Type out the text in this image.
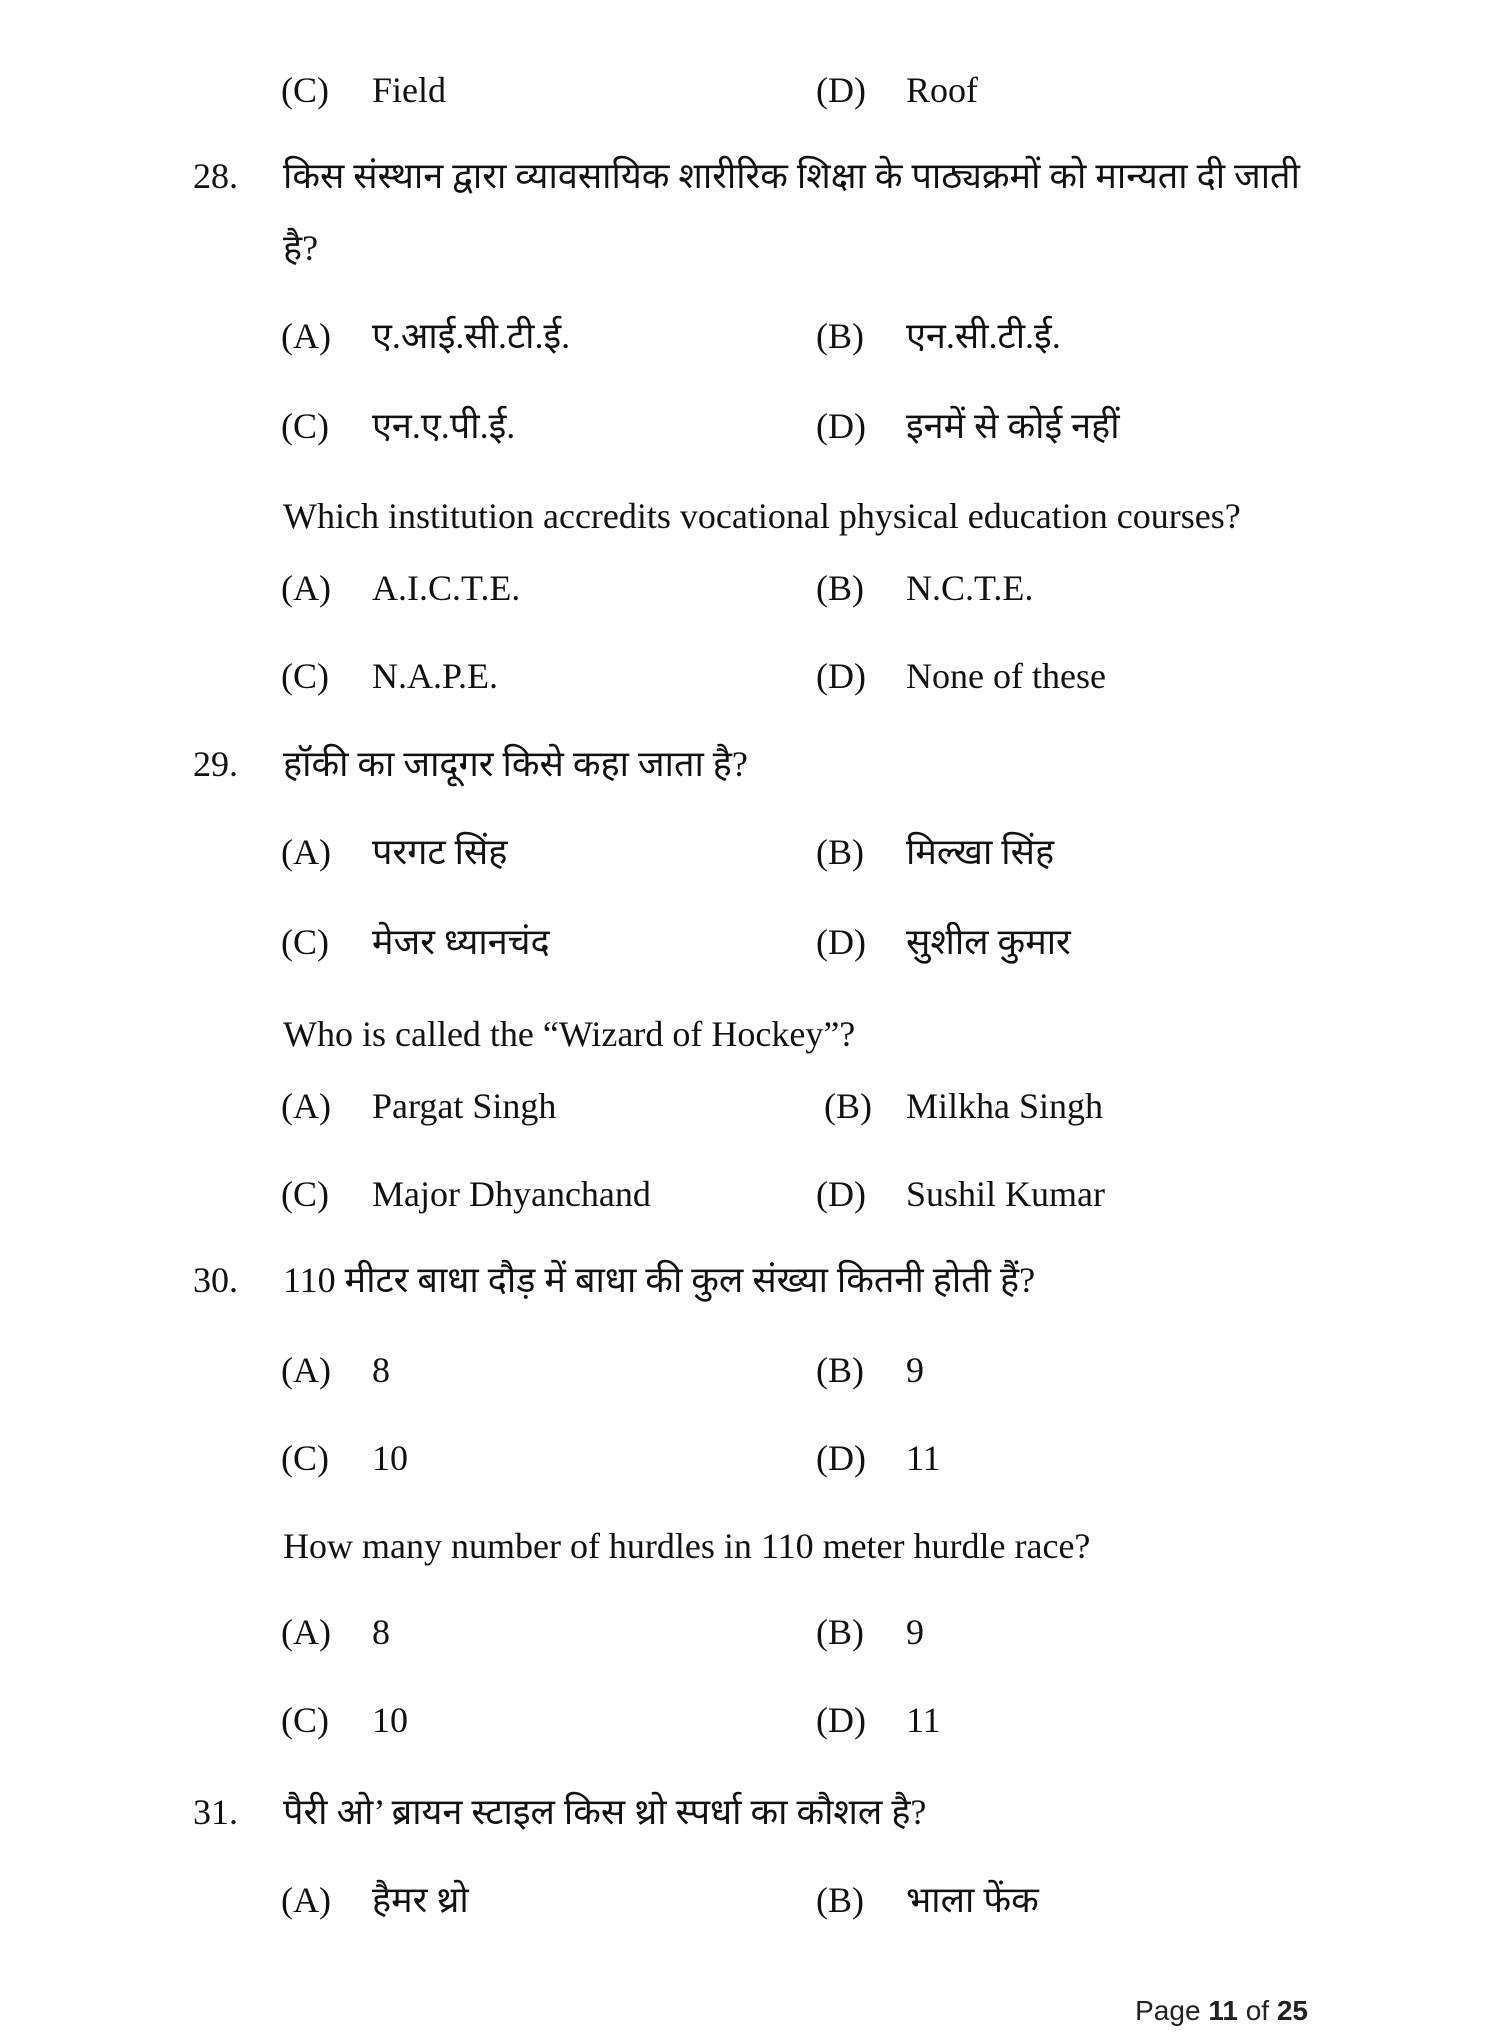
(C) Field	(D) Roof
28. किस संस्थान द्वारा व्यावसायिक शारीरिक शिक्षा के पाठ्यक्रमों को मान्यता दी जाती है?
(A) ए.आई.सी.टी.ई.	(B) एन.सी.टी.ई.
(C) एन.ए.पी.ई.	(D) इनमें से कोई नहीं
Which institution accredits vocational physical education courses?
(A) A.I.C.T.E.	(B) N.C.T.E.
(C) N.A.P.E.	(D) None of these
29. हॉकी का जादूगर किसे कहा जाता है?
(A) परगट सिंह	(B) मिल्खा सिंह
(C) मेजर ध्यानचंद	(D) सुशील कुमार
Who is called the “Wizard of Hockey”?
(A) Pargat Singh	(B) Milkha Singh
(C) Major Dhyanchand	(D) Sushil Kumar
30. 110 मीटर बाधा दौड़ में बाधा की कुल संख्या कितनी होती हैं?
(A) 8	(B) 9
(C) 10	(D) 11
How many number of hurdles in 110 meter hurdle race?
(A) 8	(B) 9
(C) 10	(D) 11
31. पैरी ओ’ ब्रायन स्टाइल किस थ्रो स्पर्धा का कौशल है?
(A) हैमर थ्रो	(B) भाला फेंक
Page 11 of 25
